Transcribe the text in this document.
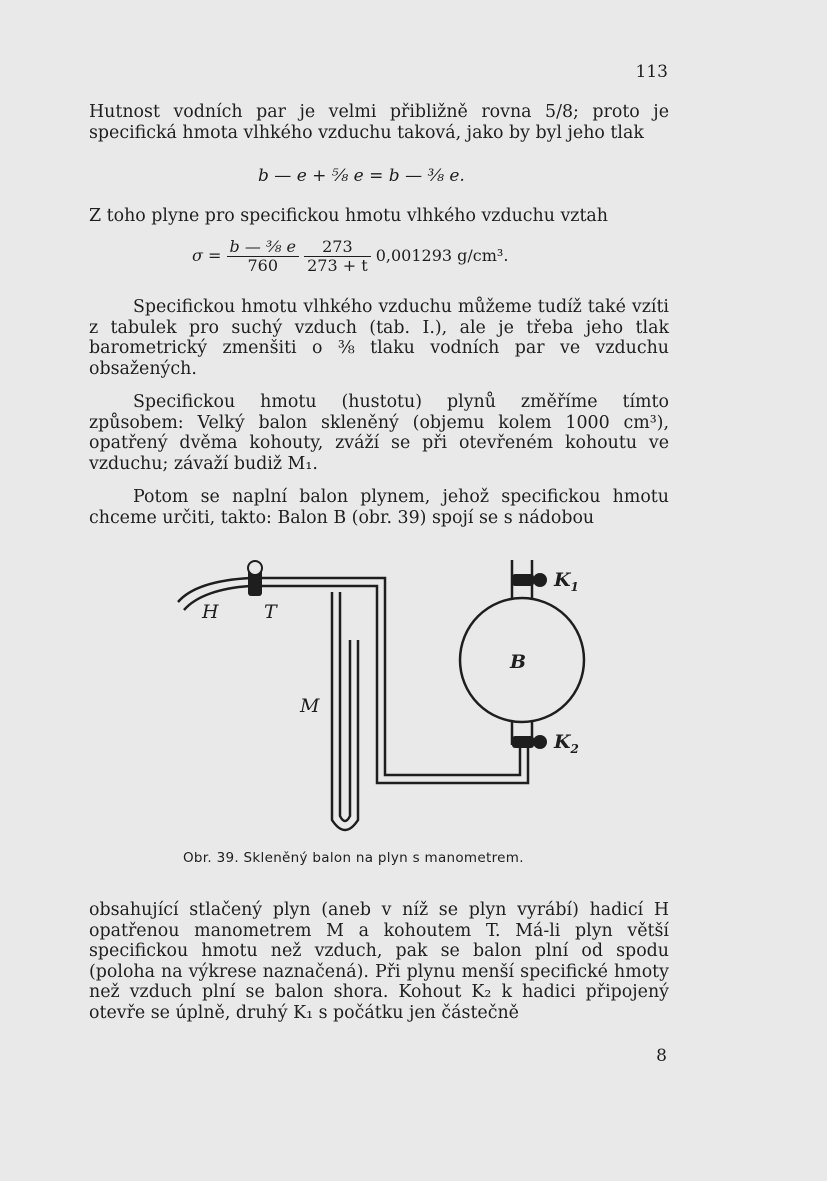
113

Hutnost vodních par je velmi přibližně rovna 5/8; proto je specifická hmota vlhkého vzduchu taková, jako by byl jeho tlak

b — e + ⅝ e = b — ⅜ e.

Z toho plyne pro specifickou hmotu vlhkého vzduchu vztah

$\sigma = \frac{\text{b — ⅜ e}}{760}$
$\frac{273}{273 + t} 0,001293$ g/cm³.

Specifickou hmotu vlhkého vzduchu můžeme tudíž také vzíti z tabulek pro suchý vzduch (tab. I.), ale je třeba jeho tlak barometrický zmenšiti o ⅜ tlaku vodních par ve vzduchu obsažených.

Specifickou hmotu (hustotu) plynů změříme tímto způsobem: Velký balon skleněný (objemu kolem 1000 cm³), opatřený dvěma kohouty, zváží se při otevřeném kohoutu ve vzduchu; závaží budiž M₁.

Potom se naplní balon plynem, jehož specifickou hmotu chceme určiti, takto: Balon B (obr. 39) spojí se s nádobou

H T
M
B
$K_1$
$K_2$
Obr. 39. Skleněný balon na plyn s manometrem.

obsahující stlačený plyn (aneb v níž se plyn vyrábí) hadicí H opatřenou manometrem M a kohoutem T. Má-li plyn větší specifickou hmotu než vzduch, pak se balon plní od spodu (poloha na výkrese naznačená). Při plynu menší specifické hmoty než vzduch plní se balon shora. Kohout K₂ k hadici připojený otevře se úplně, druhý K₁ s počátku jen částečně

8
